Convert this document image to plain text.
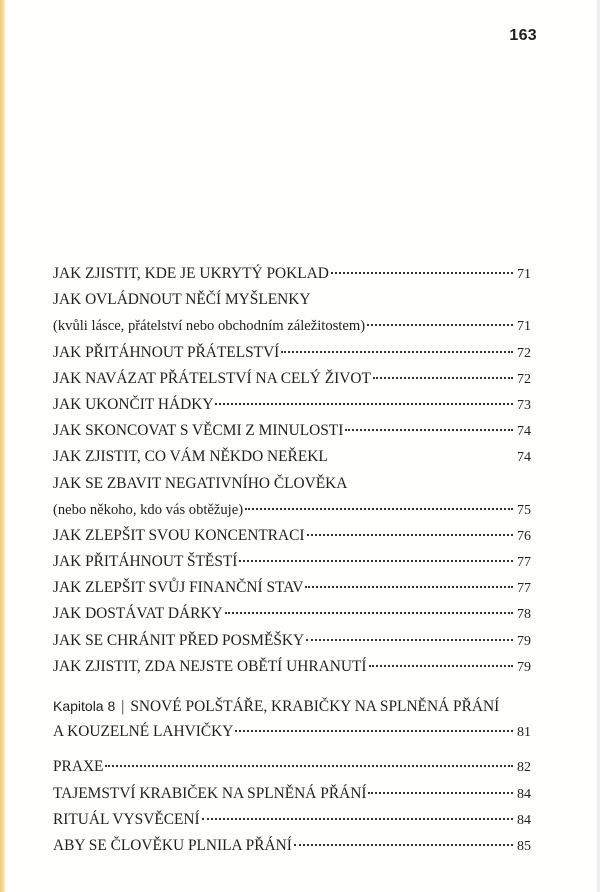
163
JAK ZJISTIT, KDE JE UKRYTÝ POKLAD	71
JAK OVLÁDNOUT NĚČÍ MYŠLENKY
(kvůli lásce, přátelství nebo obchodním záležitostem)	71
JAK PŘITÁHNOUT PŘÁTELSTVÍ	72
JAK NAVÁZAT PŘÁTELSTVÍ NA CELÝ ŽIVOT	72
JAK UKONČIT HÁDKY	73
JAK SKONCOVAT S VĚCMI Z MINULOSTI	74
JAK ZJISTIT, CO VÁM NĚKDO NEŘEKL	74
JAK SE ZBAVIT NEGATIVNÍHO ČLOVĚKA
(nebo někoho, kdo vás obtěžuje)	75
JAK ZLEPŠIT SVOU KONCENTRACI	76
JAK PŘITÁHNOUT ŠTĚSTÍ	77
JAK ZLEPŠIT SVŮJ FINANČNÍ STAV	77
JAK DOSTÁVAT DÁRKY	78
JAK SE CHRÁNIT PŘED POSMĚŠKY	79
JAK ZJISTIT, ZDA NEJSTE OBĚTÍ UHRANUTÍ	79
Kapitola 8 | SNOVÉ POLŠTÁŘE, KRABIČKY NA SPLNĚNÁ PŘÁNÍ
A KOUZELNÉ LAHVIČKY	81
PRAXE	82
TAJEMSTVÍ KRABIČEK NA SPLNĚNÁ PŘÁNÍ	84
RITUÁL VYSVĚCENÍ	84
ABY SE ČLOVĚKU PLNILA PŘÁNÍ	85
